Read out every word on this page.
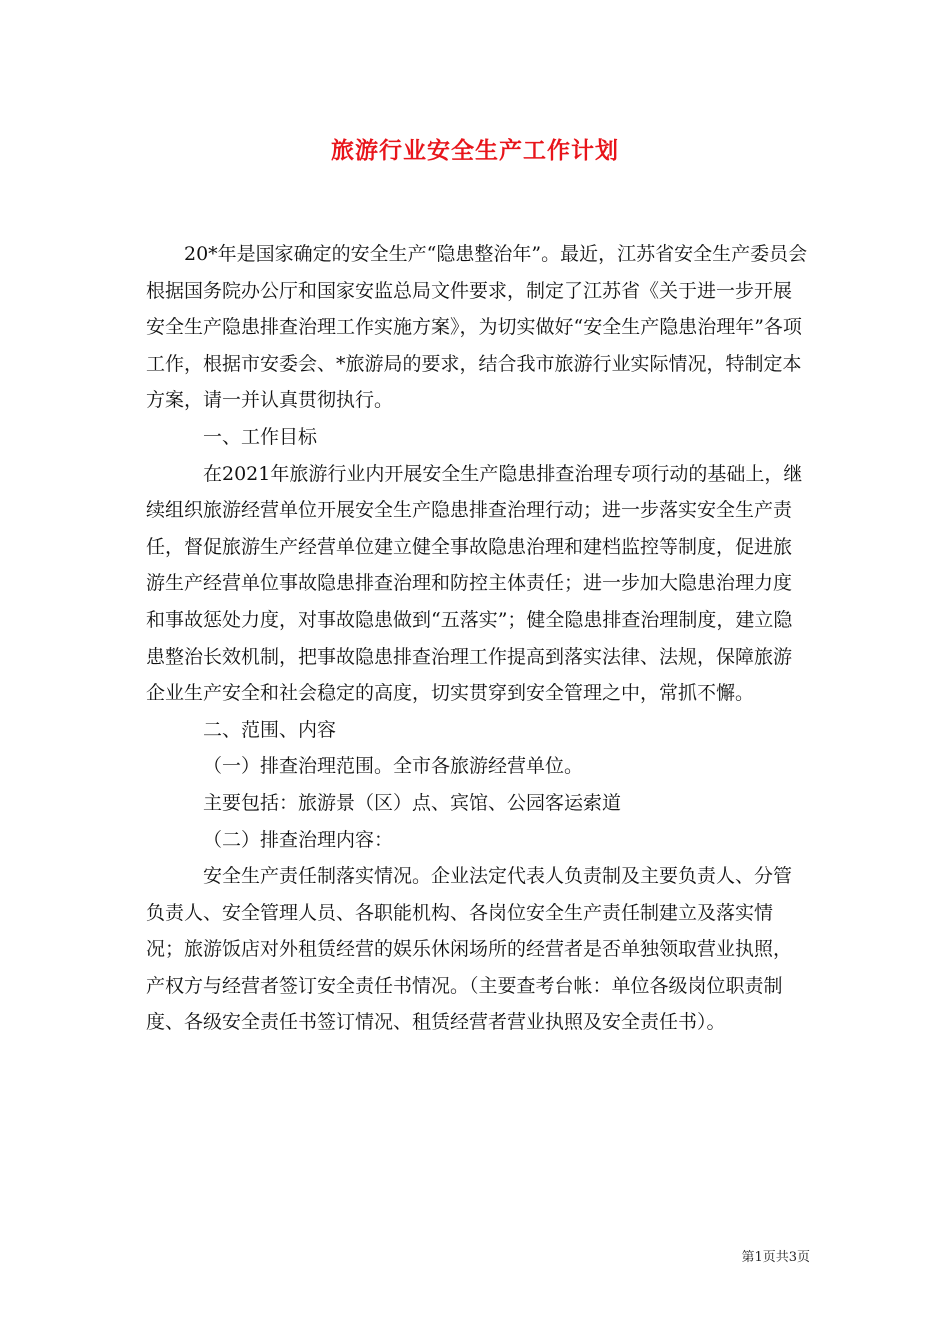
旅游行业安全生产工作计划

20*年是国家确定的安全生产“隐患整治年”。最近，江苏省安全生产委员会根据国务院办公厅和国家安监总局文件要求，制定了江苏省《关于进一步开展安全生产隐患排查治理工作实施方案》，为切实做好“安全生产隐患治理年”各项工作，根据市安委会、*旅游局的要求，结合我市旅游行业实际情况，特制定本方案，请一并认真贯彻执行。

一、工作目标

在2021年旅游行业内开展安全生产隐患排查治理专项行动的基础上，继续组织旅游经营单位开展安全生产隐患排查治理行动；进一步落实安全生产责任，督促旅游生产经营单位建立健全事故隐患治理和建档监控等制度，促进旅游生产经营单位事故隐患排查治理和防控主体责任；进一步加大隐患治理力度和事故惩处力度，对事故隐患做到“五落实”；健全隐患排查治理制度，建立隐患整治长效机制，把事故隐患排查治理工作提高到落实法律、法规，保障旅游企业生产安全和社会稳定的高度，切实贯穿到安全管理之中，常抓不懈。

二、范围、内容

（一）排查治理范围。全市各旅游经营单位。

主要包括：旅游景（区）点、宾馆、公园客运索道

（二）排查治理内容：

安全生产责任制落实情况。企业法定代表人负责制及主要负责人、分管负责人、安全管理人员、各职能机构、各岗位安全生产责任制建立及落实情况；旅游饭店对外租赁经营的娱乐休闲场所的经营者是否单独领取营业执照，产权方与经营者签订安全责任书情况。（主要查考台帐：单位各级岗位职责制度、各级安全责任书签订情况、租赁经营者营业执照及安全责任书）。

第1页共3页
